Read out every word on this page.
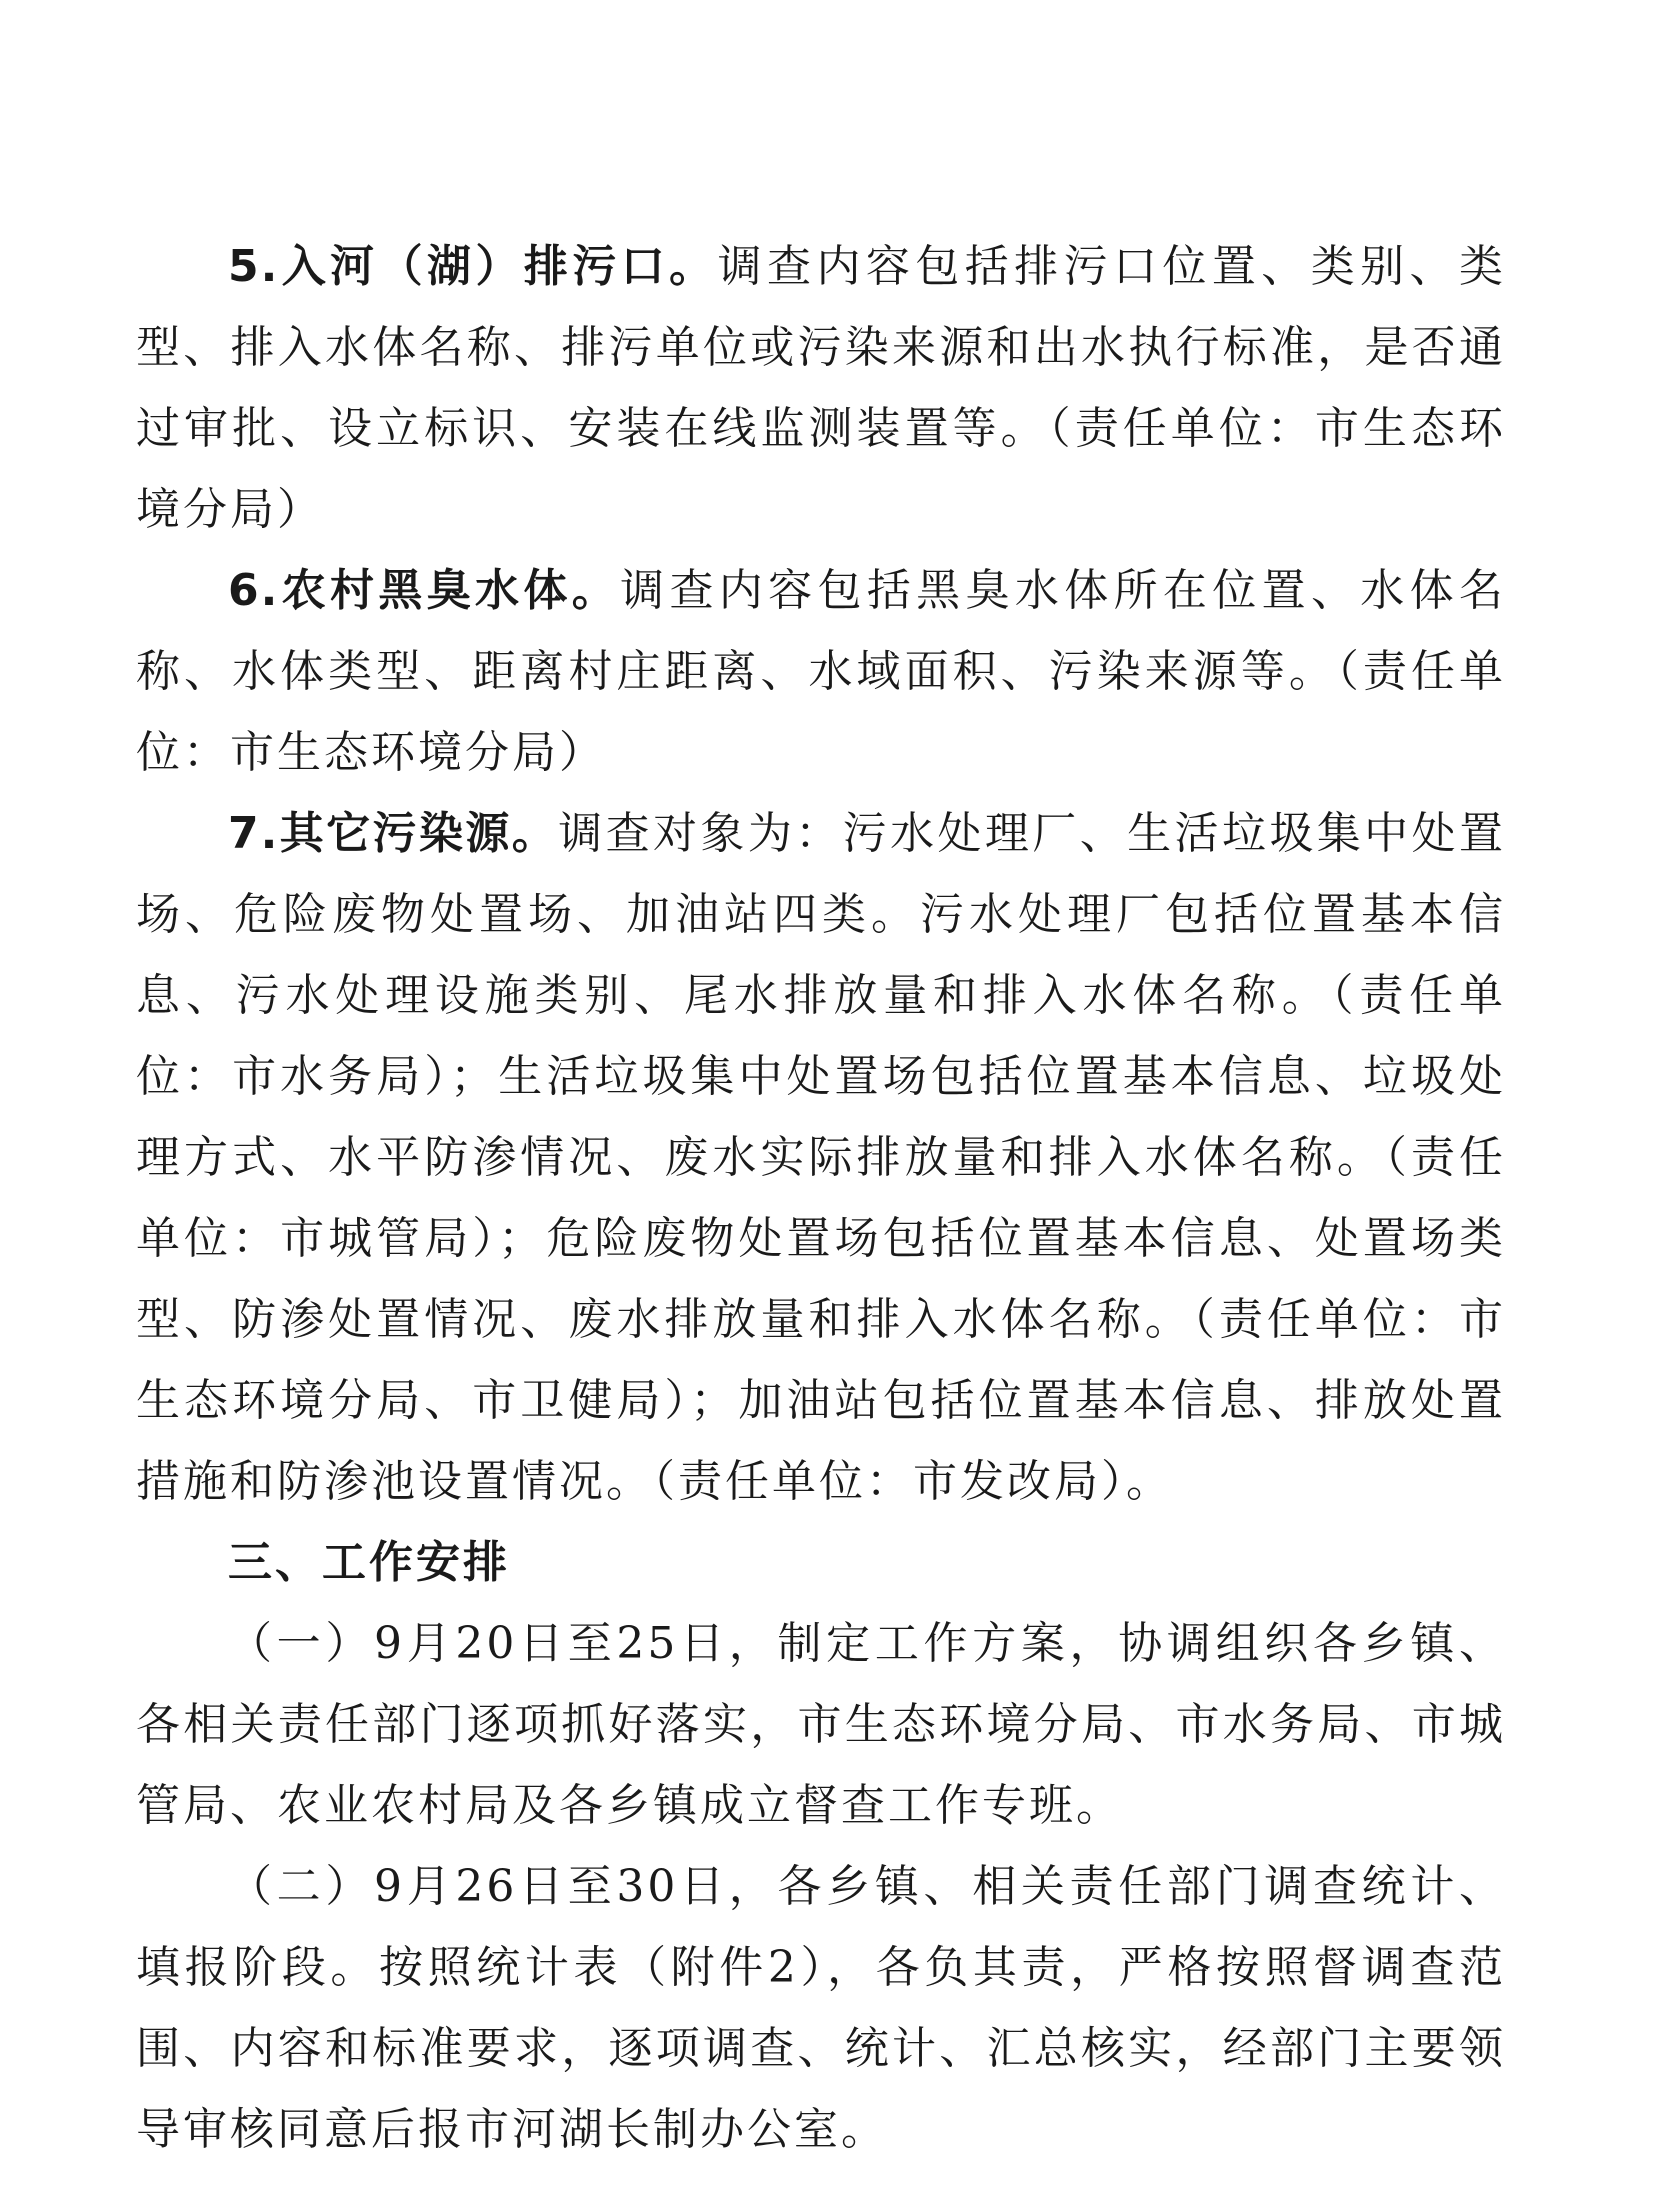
5.入河（湖）排污口。调查内容包括排污口位置、类别、类型、排入水体名称、排污单位或污染来源和出水执行标准，是否通过审批、设立标识、安装在线监测装置等。（责任单位：市生态环境分局）

6.农村黑臭水体。调查内容包括黑臭水体所在位置、水体名称、水体类型、距离村庄距离、水域面积、污染来源等。（责任单位：市生态环境分局）

7.其它污染源。调查对象为：污水处理厂、生活垃圾集中处置场、危险废物处置场、加油站四类。污水处理厂包括位置基本信息、污水处理设施类别、尾水排放量和排入水体名称。（责任单位：市水务局）；生活垃圾集中处置场包括位置基本信息、垃圾处理方式、水平防渗情况、废水实际排放量和排入水体名称。（责任单位：市城管局）；危险废物处置场包括位置基本信息、处置场类型、防渗处置情况、废水排放量和排入水体名称。（责任单位：市生态环境分局、市卫健局）；加油站包括位置基本信息、排放处置措施和防渗池设置情况。（责任单位：市发改局）。

三、工作安排

（一）9月20日至25日，制定工作方案，协调组织各乡镇、各相关责任部门逐项抓好落实，市生态环境分局、市水务局、市城管局、农业农村局及各乡镇成立督查工作专班。

（二）9月26日至30日，各乡镇、相关责任部门调查统计、填报阶段。按照统计表（附件2），各负其责，严格按照督调查范围、内容和标准要求，逐项调查、统计、汇总核实，经部门主要领导审核同意后报市河湖长制办公室。
